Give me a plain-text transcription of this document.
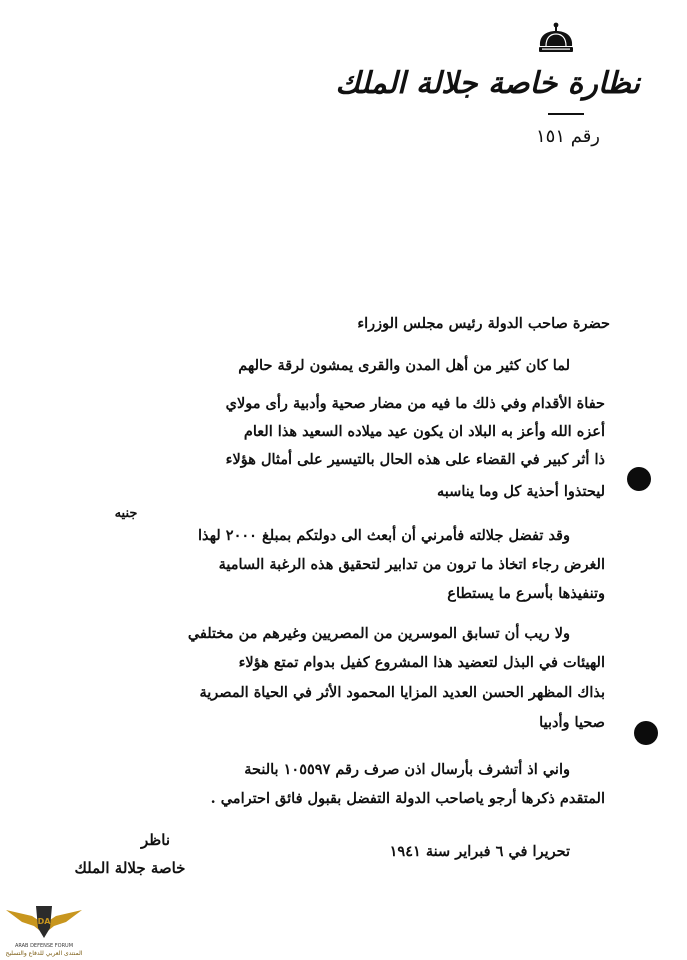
نظارة خاصة جلالة الملك
رقم ١٥١
حضرة صاحب الدولة رئيس مجلس الوزراء
لما كان كثير من أهل المدن والقرى يمشون لرقة حالهم
حفاة الأقدام وفي ذلك ما فيه من مضار صحية وأدبية رأى مولاي
أعزه الله وأعز به البلاد ان يكون عيد ميلاده السعيد هذا العام
ذا أثر كبير في القضاء على هذه الحال بالتيسير على أمثال هؤلاء
ليحتذوا أحذية كل وما يناسبه
جنيه
وقد تفضل جلالته فأمرني أن أبعث الى دولتكم بمبلغ ٢٠٠٠ لهذا
الغرض رجاء اتخاذ ما ترون من تدابير لتحقيق هذه الرغبة السامية
وتنفيذها بأسرع ما يستطاع
ولا ريب أن تسابق الموسرين من المصريين وغيرهم من مختلفي
الهيئات في البذل لتعضيد هذا المشروع كفيل بدوام تمتع هؤلاء
بذاك المظهر الحسن العديد المزايا المحمود الأثر في الحياة المصرية
صحيا وأدبيا
واني اذ أتشرف بأرسال اذن صرف رقم ١٠٥٥٩٧ بالنحة
المتقدم ذكرها أرجو ياصاحب الدولة التفضل بقبول فائق احترامي .
ناظر
خاصة جلالة الملك
تحريرا في ٦ فبراير سنة ١٩٤١
DA
ARAB DEFENSE FORUM
المنتدى العربي للدفاع والتسليح
